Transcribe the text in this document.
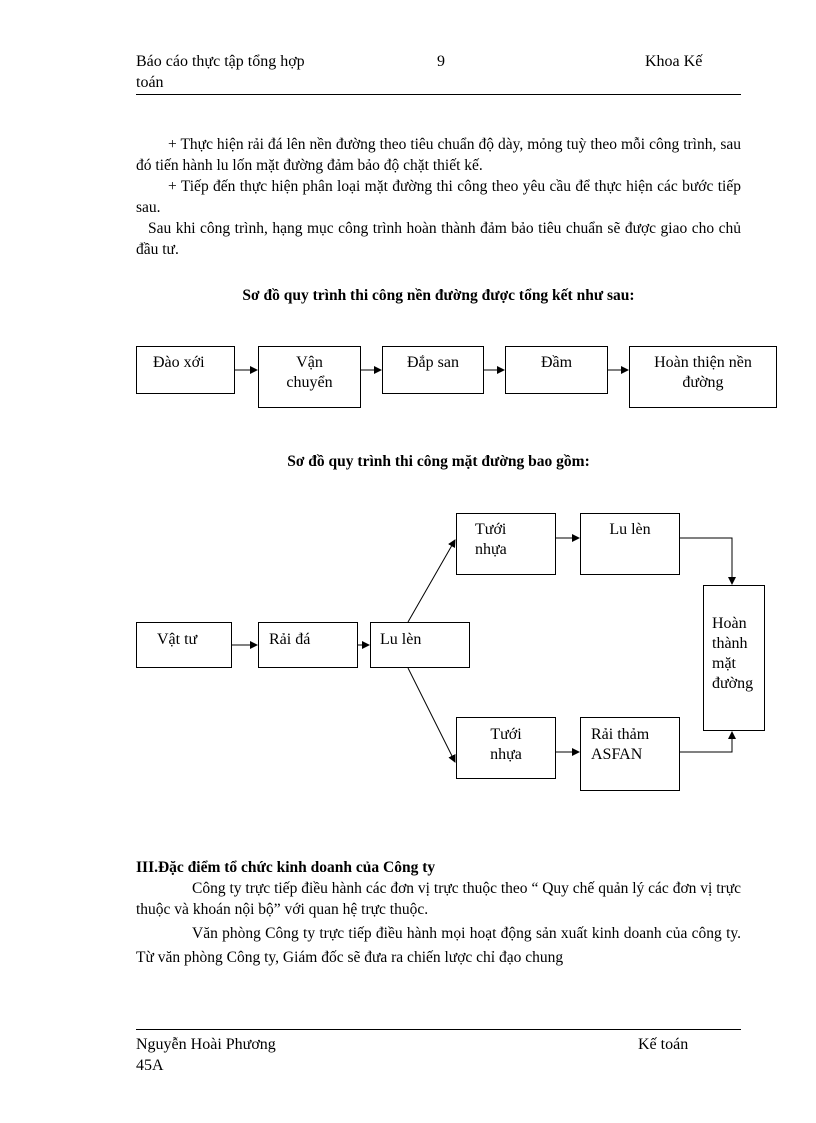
Báo cáo thực tập tổng hợp
toán
9	Khoa Kế
+ Thực hiện rải đá lên nền đường theo tiêu chuẩn độ dày, mỏng tuỳ theo mỗi công trình, sau đó tiến hành lu lốn mặt đường đảm bảo độ chặt thiết kế.
+ Tiếp đến thực hiện phân loại mặt đường thi công theo yêu cầu để thực hiện các bước tiếp sau.
Sau khi công trình, hạng mục công trình hoàn thành đảm bảo tiêu chuẩn sẽ được giao cho chủ đầu tư.
Sơ đồ quy trình thi công nền đường được tổng kết như sau:
Đào xới	Vận
chuyển
Đắp san	Đầm	Hoàn thiện nền
đường
Sơ đồ quy trình thi công mặt đường bao gồm:
Vật tư	Rải đá	Lu lèn
Tưới
nhựa
Lu lèn
Tưới
nhựa
Rải thảm
ASFAN
Hoàn
thành
mặt
đường
III.Đặc điểm tổ chức kinh doanh của Công ty
Công ty trực tiếp điều hành các đơn vị trực thuộc theo “ Quy chế quản lý các đơn vị trực thuộc và khoán nội bộ” với quan hệ trực thuộc.
Văn phòng Công ty trực tiếp điều hành mọi hoạt động sản xuất kinh doanh của công ty. Từ văn phòng Công ty, Giám đốc sẽ đưa ra chiến lược chỉ đạo chung
Nguyễn Hoài Phương
45A
Kế toán
